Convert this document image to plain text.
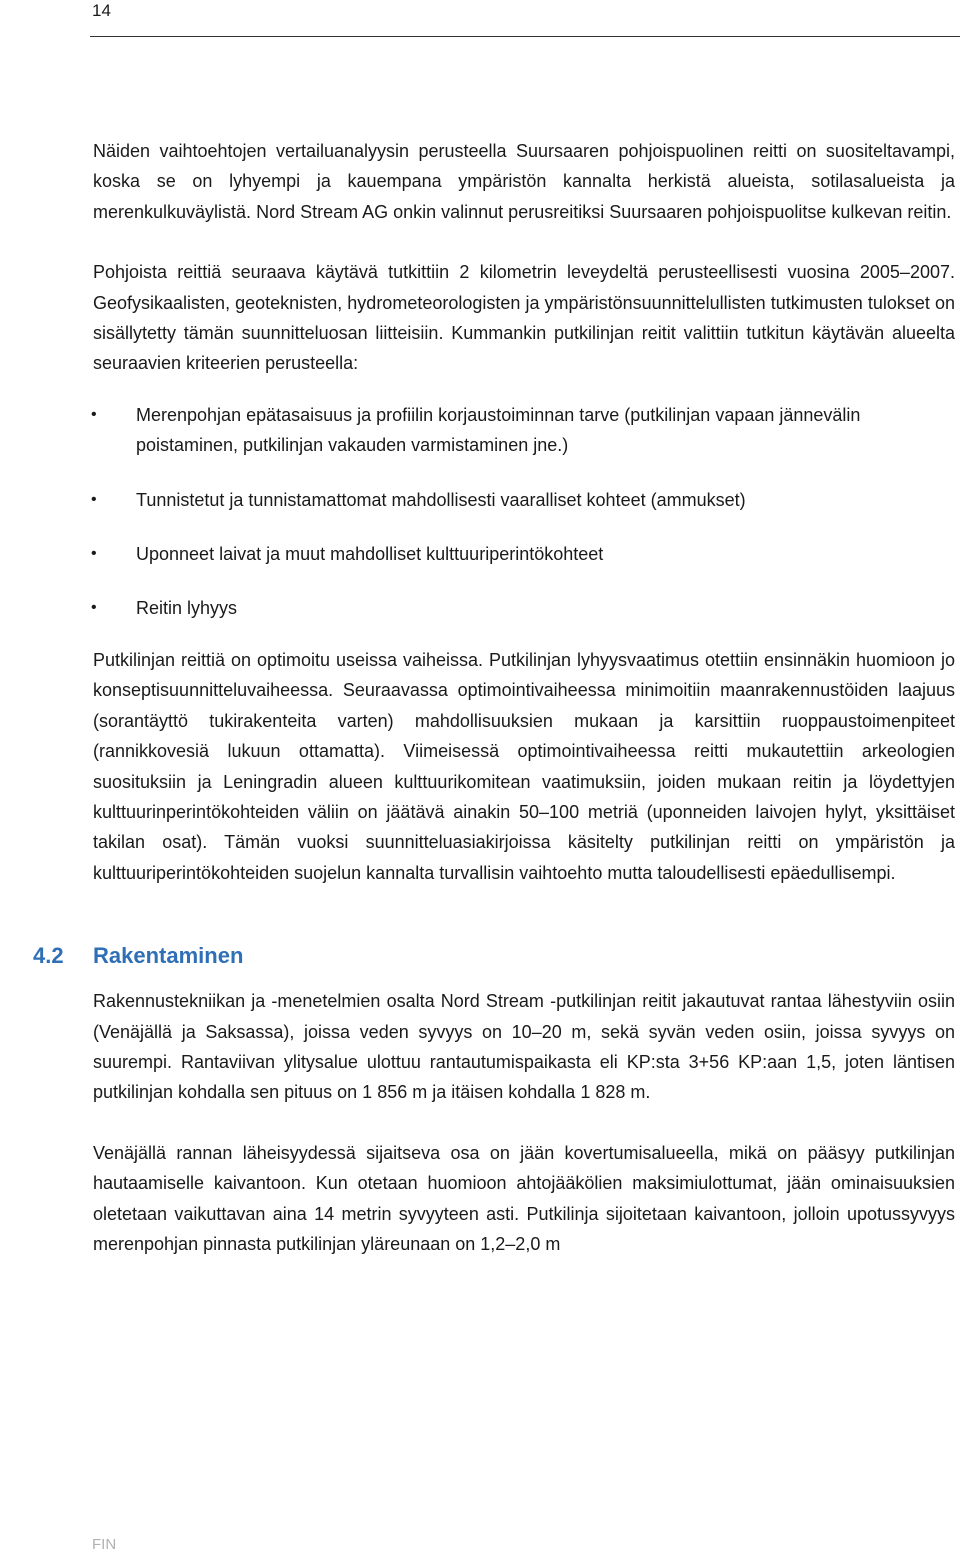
14

Näiden vaihtoehtojen vertailuanalyysin perusteella Suursaaren pohjoispuolinen reitti on suositeltavampi, koska se on lyhyempi ja kauempana ympäristön kannalta herkistä alueista, sotilasalueista ja merenkulkuväylistä. Nord Stream AG onkin valinnut perusreitiksi Suursaaren pohjoispuolitse kulkevan reitin.

Pohjoista reittiä seuraava käytävä tutkittiin 2 kilometrin leveydeltä perusteellisesti vuosina 2005–2007. Geofysikaalisten, geoteknisten, hydrometeorologisten ja ympäristönsuunnittelullisten tutkimusten tulokset on sisällytetty tämän suunnitteluosan liitteisiin. Kummankin putkilinjan reitit valittiin tutkitun käytävän alueelta seuraavien kriteerien perusteella:

• Merenpohjan epätasaisuus ja profiilin korjaustoiminnan tarve (putkilinjan vapaan jännevälin poistaminen, putkilinjan vakauden varmistaminen jne.)
• Tunnistetut ja tunnistamattomat mahdollisesti vaaralliset kohteet (ammukset)
• Uponneet laivat ja muut mahdolliset kulttuuriperintökohteet
• Reitin lyhyys

Putkilinjan reittiä on optimoitu useissa vaiheissa. Putkilinjan lyhyysvaatimus otettiin ensinnäkin huomioon jo konseptisuunnitteluvaiheessa. Seuraavassa optimointivaiheessa minimoitiin maanrakennustöiden laajuus (sorantäyttö tukirakenteita varten) mahdollisuuksien mukaan ja karsittiin ruoppaustoimenpiteet (rannikkovesiä lukuun ottamatta). Viimeisessä optimointivaiheessa reitti mukautettiin arkeologien suosituksiin ja Leningradin alueen kulttuurikomitean vaatimuksiin, joiden mukaan reitin ja löydettyjen kulttuurinperintökohteiden väliin on jäätävä ainakin 50–100 metriä (uponneiden laivojen hylyt, yksittäiset takilan osat). Tämän vuoksi suunnitteluasiakirjoissa käsitelty putkilinjan reitti on ympäristön ja kulttuuriperintökohteiden suojelun kannalta turvallisin vaihtoehto mutta taloudellisesti epäedullisempi.

4.2	Rakentaminen

Rakennustekniikan ja -menetelmien osalta Nord Stream -putkilinjan reitit jakautuvat rantaa lähestyviin osiin (Venäjällä ja Saksassa), joissa veden syvyys on 10–20 m, sekä syvän veden osiin, joissa syvyys on suurempi. Rantaviivan ylitysalue ulottuu rantautumispaikasta eli KP:sta 3+56 KP:aan 1,5, joten läntisen putkilinjan kohdalla sen pituus on 1 856 m ja itäisen kohdalla 1 828 m.

Venäjällä rannan läheisyydessä sijaitseva osa on jään kovertumisalueella, mikä on pääsyy putkilinjan hautaamiselle kaivantoon. Kun otetaan huomioon ahtojääkölien maksimiulottumat, jään ominaisuuksien oletetaan vaikuttavan aina 14 metrin syvyyteen asti. Putkilinja sijoitetaan kaivantoon, jolloin upotussyvyys merenpohjan pinnasta putkilinjan yläreunaan on 1,2–2,0 m

FIN
